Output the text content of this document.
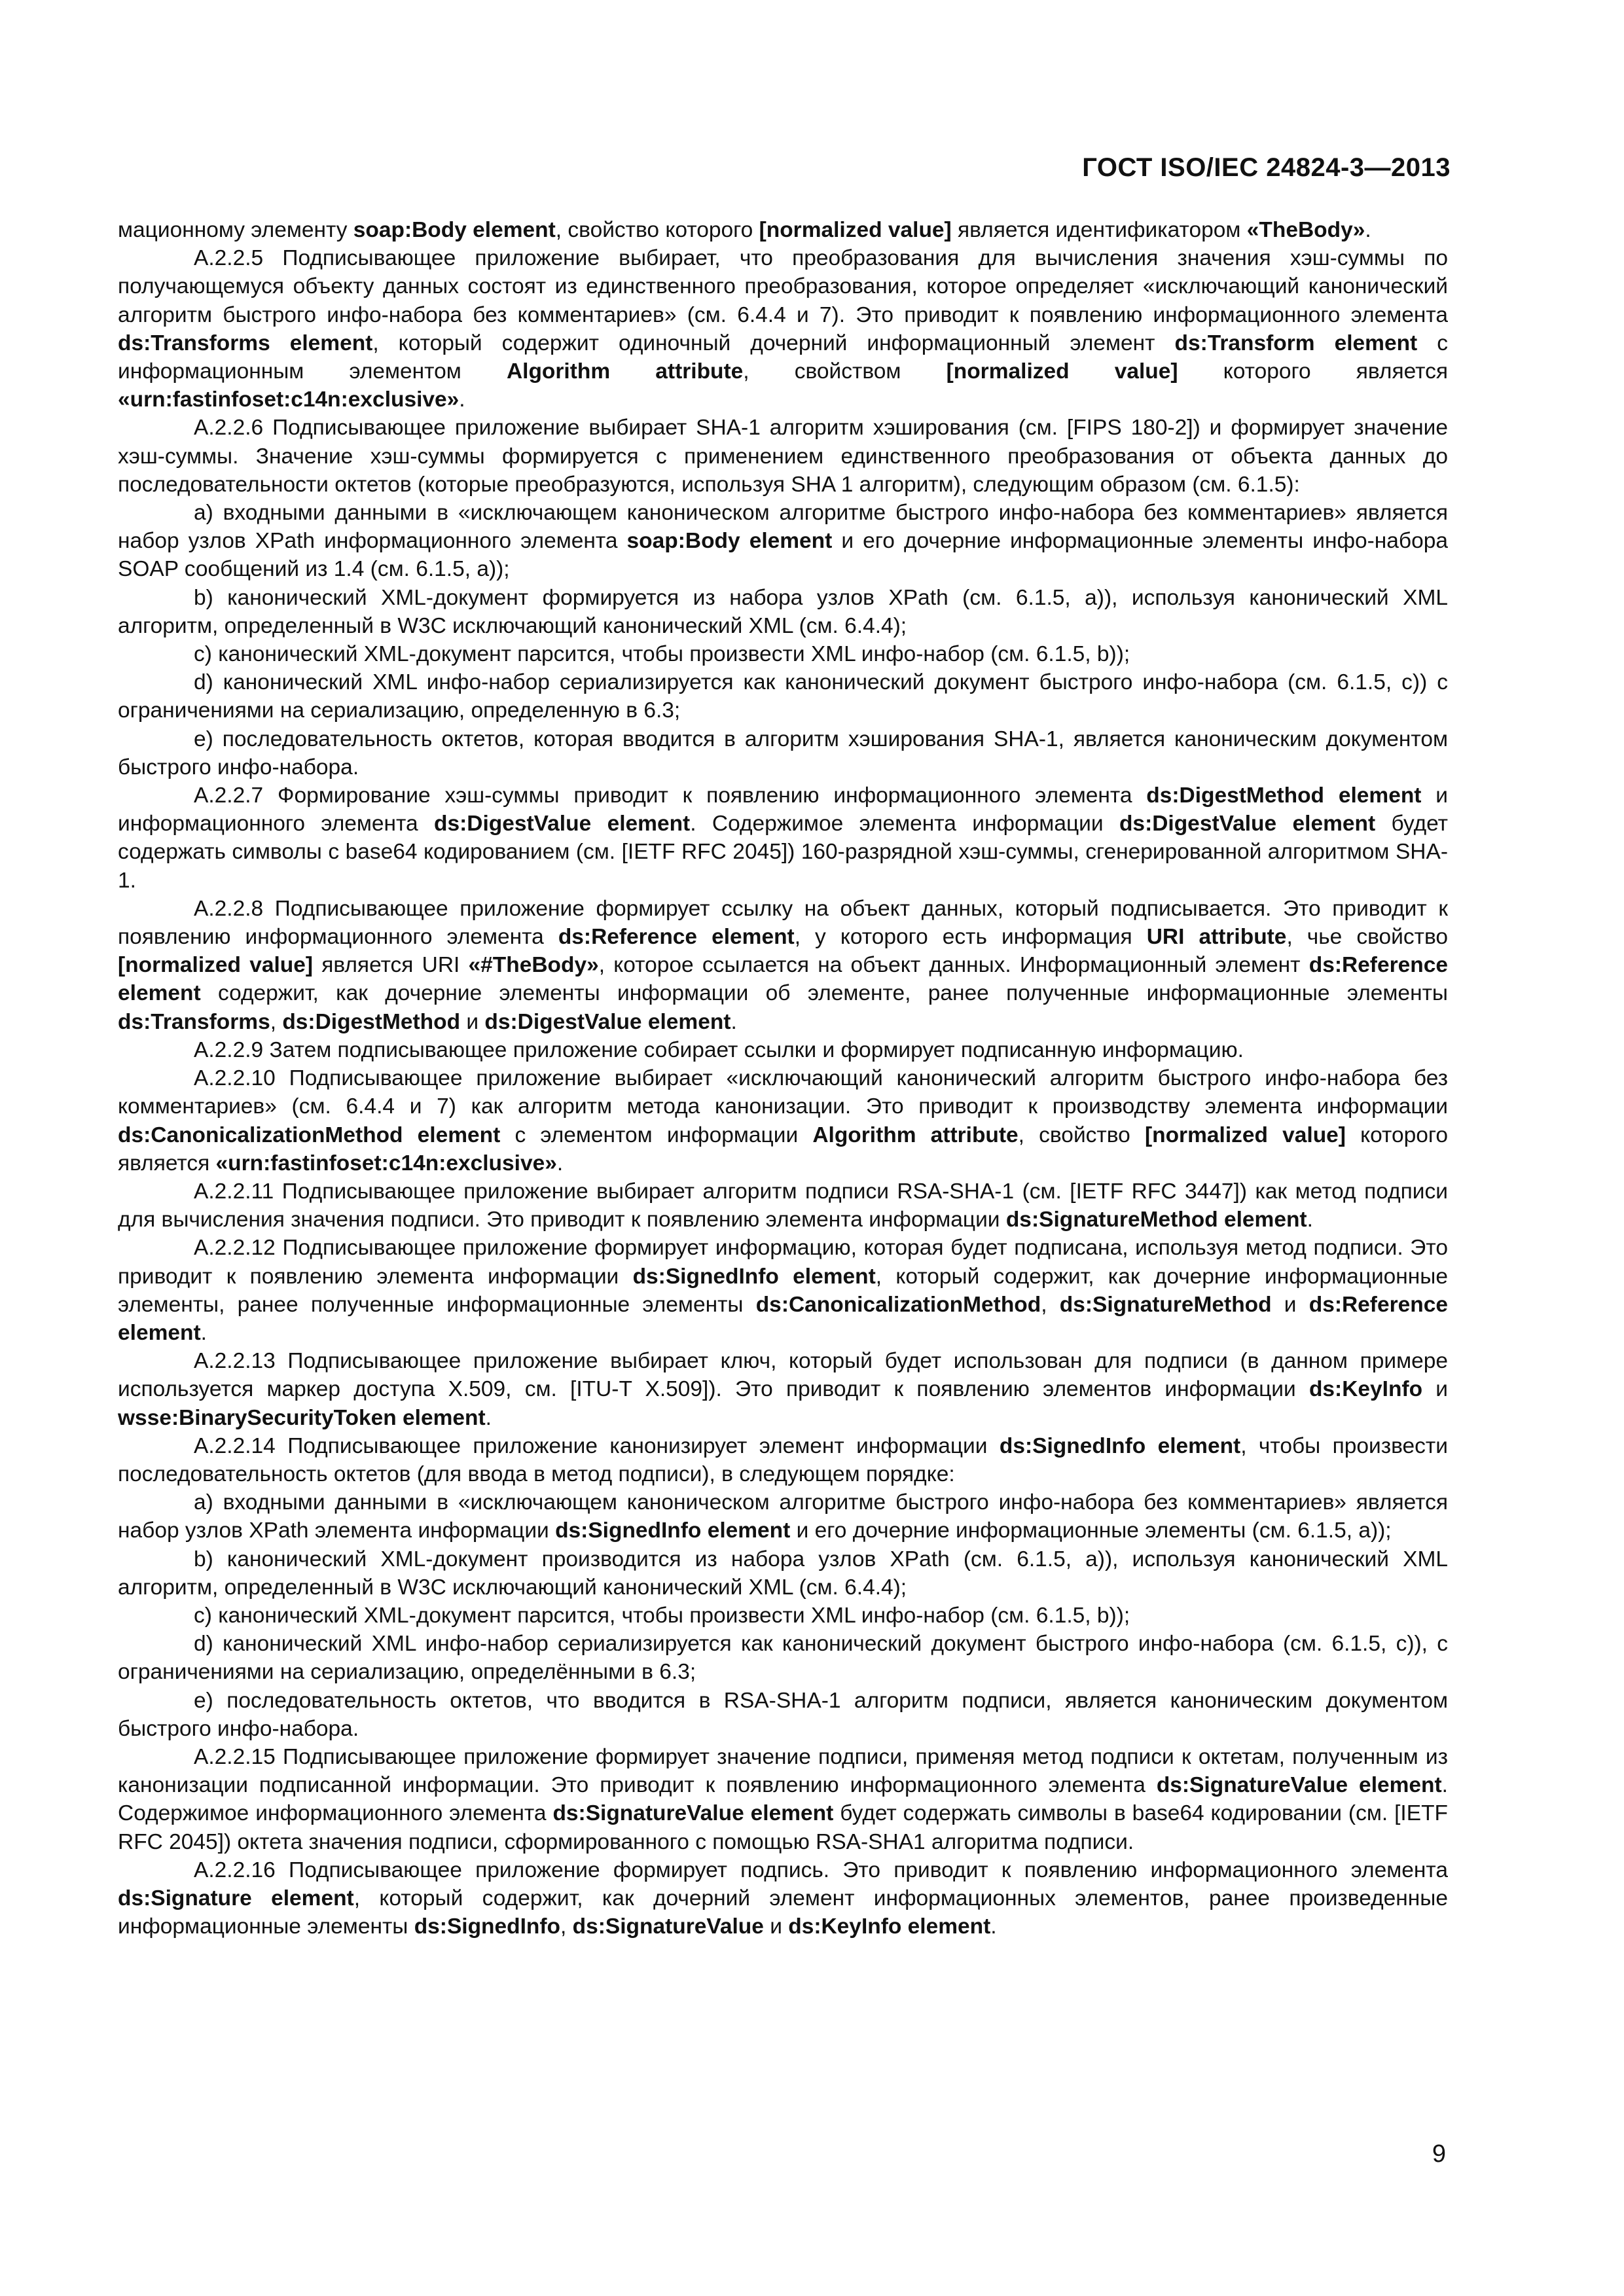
ГОСТ ISO/IEC 24824-3—2013

мационному элементу soap:Body element, свойство которого [normalized value] является идентификатором «TheBody».

A.2.2.5 Подписывающее приложение выбирает, что преобразования для вычисления значения хэш-суммы по получающемуся объекту данных состоят из единственного преобразования, которое определяет «исключающий канонический алгоритм быстрого инфо-набора без комментариев» (см. 6.4.4 и 7). Это приводит к появлению информационного элемента ds:Transforms element, который содержит одиночный дочерний информационный элемент ds:Transform element с информационным элементом Algorithm attribute, свойством [normalized value] которого является «urn:fastinfoset:c14n:exclusive».

A.2.2.6 Подписывающее приложение выбирает SHA-1 алгоритм хэширования (см. [FIPS 180-2]) и формирует значение хэш-суммы. Значение хэш-суммы формируется с применением единственного преобразования от объекта данных до последовательности октетов (которые преобразуются, используя SHA 1 алгоритм), следующим образом (см. 6.1.5):

a) входными данными в «исключающем каноническом алгоритме быстрого инфо-набора без комментариев» является набор узлов XPath информационного элемента soap:Body element и его дочерние информационные элементы инфо-набора SOAP сообщений из 1.4 (см. 6.1.5, a));

b) канонический XML-документ формируется из набора узлов XPath (см. 6.1.5, a)), используя канонический XML алгоритм, определенный в W3C исключающий канонический XML (см. 6.4.4);

c) канонический XML-документ парсится, чтобы произвести XML инфо-набор (см. 6.1.5, b));

d) канонический XML инфо-набор сериализируется как канонический документ быстрого инфо-набора (см. 6.1.5, c)) с ограничениями на сериализацию, определенную в 6.3;

e) последовательность октетов, которая вводится в алгоритм хэширования SHA-1, является каноническим документом быстрого инфо-набора.

A.2.2.7 Формирование хэш-суммы приводит к появлению информационного элемента ds:DigestMethod element и информационного элемента ds:DigestValue element. Содержимое элемента информации ds:DigestValue element будет содержать символы с base64 кодированием (см. [IETF RFC 2045]) 160-разрядной хэш-суммы, сгенерированной алгоритмом SHA-1.

A.2.2.8 Подписывающее приложение формирует ссылку на объект данных, который подписывается. Это приводит к появлению информационного элемента ds:Reference element, у которого есть информация URI attribute, чье свойство [normalized value] является URI «#TheBody», которое ссылается на объект данных. Информационный элемент ds:Reference element содержит, как дочерние элементы информации об элементе, ранее полученные информационные элементы ds:Transforms, ds:DigestMethod и ds:DigestValue element.

A.2.2.9 Затем подписывающее приложение собирает ссылки и формирует подписанную информацию.

A.2.2.10 Подписывающее приложение выбирает «исключающий канонический алгоритм быстрого инфо-набора без комментариев» (см. 6.4.4 и 7) как алгоритм метода канонизации. Это приводит к производству элемента информации ds:CanonicalizationMethod element с элементом информации Algorithm attribute, свойство [normalized value] которого является «urn:fastinfoset:c14n:exclusive».

A.2.2.11 Подписывающее приложение выбирает алгоритм подписи RSA-SHA-1 (см. [IETF RFC 3447]) как метод подписи для вычисления значения подписи. Это приводит к появлению элемента информации ds:SignatureMethod element.

A.2.2.12 Подписывающее приложение формирует информацию, которая будет подписана, используя метод подписи. Это приводит к появлению элемента информации ds:SignedInfo element, который содержит, как дочерние информационные элементы, ранее полученные информационные элементы ds:CanonicalizationMethod, ds:SignatureMethod и ds:Reference element.

A.2.2.13 Подписывающее приложение выбирает ключ, который будет использован для подписи (в данном примере используется маркер доступа X.509, см. [ITU-T X.509]). Это приводит к появлению элементов информации ds:KeyInfo и wsse:BinarySecurityToken element.

A.2.2.14 Подписывающее приложение канонизирует элемент информации ds:SignedInfo element, чтобы произвести последовательность октетов (для ввода в метод подписи), в следующем порядке:

a) входными данными в «исключающем каноническом алгоритме быстрого инфо-набора без комментариев» является набор узлов XPath элемента информации ds:SignedInfo element и его дочерние информационные элементы (см. 6.1.5, a));

b) канонический XML-документ производится из набора узлов XPath (см. 6.1.5, a)), используя канонический XML алгоритм, определенный в W3C исключающий канонический XML (см. 6.4.4);

c) канонический XML-документ парсится, чтобы произвести XML инфо-набор (см. 6.1.5, b));

d) канонический XML инфо-набор сериализируется как канонический документ быстрого инфо-набора (см. 6.1.5, c)), с ограничениями на сериализацию, определёнными в 6.3;

e) последовательность октетов, что вводится в RSA-SHA-1 алгоритм подписи, является каноническим документом быстрого инфо-набора.

A.2.2.15 Подписывающее приложение формирует значение подписи, применяя метод подписи к октетам, полученным из канонизации подписанной информации. Это приводит к появлению информационного элемента ds:SignatureValue element. Содержимое информационного элемента ds:SignatureValue element будет содержать символы в base64 кодировании (см. [IETF RFC 2045]) октета значения подписи, сформированного с помощью RSA-SHA1 алгоритма подписи.

A.2.2.16 Подписывающее приложение формирует подпись. Это приводит к появлению информационного элемента ds:Signature element, который содержит, как дочерний элемент информационных элементов, ранее произведенные информационные элементы ds:SignedInfo, ds:SignatureValue и ds:KeyInfo element.

9
